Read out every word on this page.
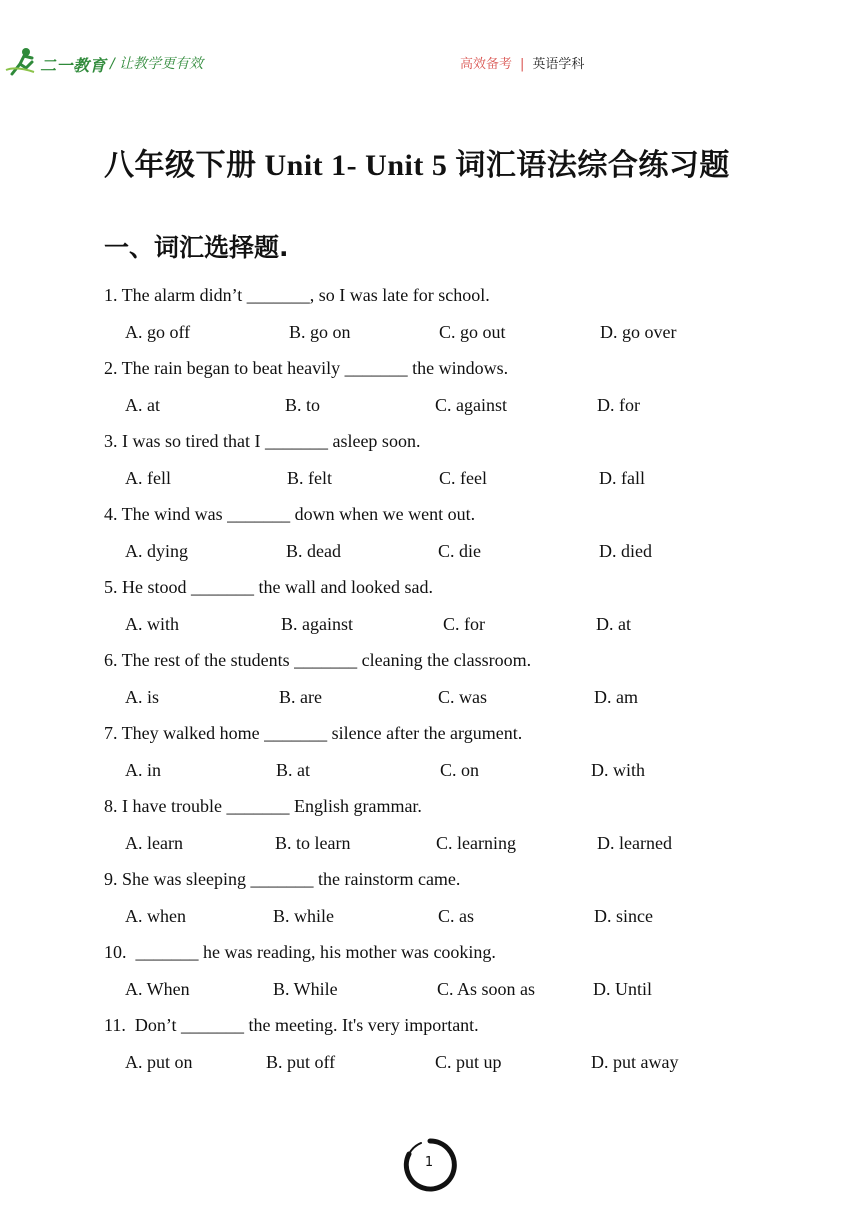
二一教育 / 让教学更有效	高效备考 | 英语学科
八年级下册 Unit 1- Unit 5 词汇语法综合练习题
一、词汇选择题.
1. The alarm didn’t _______, so I was late for school.
A. go off	B. go on	C. go out	D. go over
2. The rain began to beat heavily _______ the windows.
A. at	B. to	C. against	D. for
3. I was so tired that I _______ asleep soon.
A. fell	B. felt	C. feel	D. fall
4. The wind was _______ down when we went out.
A. dying	B. dead	C. die	D. died
5. He stood _______ the wall and looked sad.
A. with	B. against	C. for	D. at
6. The rest of the students _______ cleaning the classroom.
A. is	B. are	C. was	D. am
7. They walked home _______ silence after the argument.
A. in	B. at	C. on	D. with
8. I have trouble _______ English grammar.
A. learn	B. to learn	C. learning	D. learned
9. She was sleeping _______ the rainstorm came.
A. when	B. while	C. as	D. since
10.  _______ he was reading, his mother was cooking.
A. When	B. While	C. As soon as	D. Until
11.  Don’t _______ the meeting. It's very important.
A. put on	B. put off	C. put up	D. put away
1
